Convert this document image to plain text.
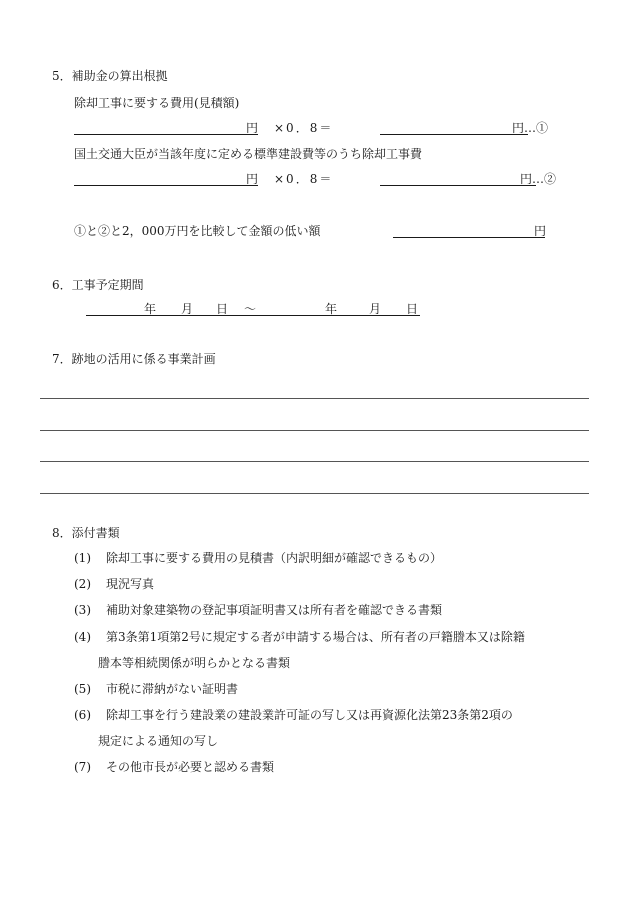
5．補助金の算出根拠
除却工事に要する費用(見積額)
円 ×0．8＝	円…①
国土交通大臣が当該年度に定める標準建設費等のうち除却工事費
円 ×0．8＝	円…②
①と②と2，000万円を比較して金額の低い額	円
6．工事予定期間
年 月 日 ～	年	月 日
7．跡地の活用に係る事業計画
8．添付書類
(1) 除却工事に要する費用の見積書（内訳明細が確認できるもの）
(2) 現況写真
(3) 補助対象建築物の登記事項証明書又は所有者を確認できる書類
(4) 第3条第1項第2号に規定する者が申請する場合は、所有者の戸籍謄本又は除籍
謄本等相続関係が明らかとなる書類
(5) 市税に滞納がない証明書
(6) 除却工事を行う建設業の建設業許可証の写し又は再資源化法第23条第2項の
規定による通知の写し
(7) その他市長が必要と認める書類
